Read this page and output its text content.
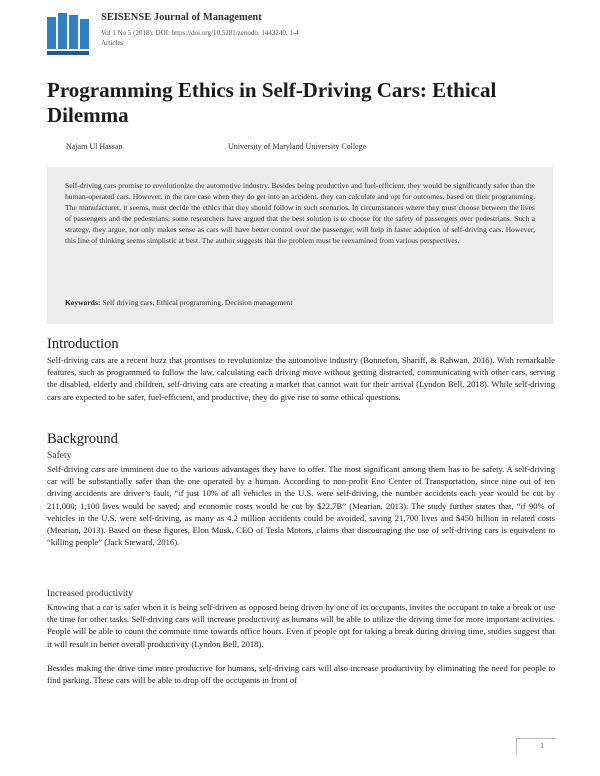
SEISENSE Journal of Management
Vol 1 No 5 (2018): DOI: https://doi.org/10.5281/zenodo. 1443240, 1-4
Articles
Programming Ethics in Self-Driving Cars: Ethical Dilemma
Najam Ul Hassan	University of Maryland University College

Self-driving cars promise to revolutionize the automotive industry. Besides being productive and fuel-efficient, they would be significantly safer than the human-operated cars. However, in the rare case when they do get into an accident, they can calculate and opt for outcomes, based on their programming. The manufacturer, it seems, must decide the ethics that they should follow in such scenarios. In circumstances where they must choose between the lives of passengers and the pedestrians, some researchers have argued that the best solution is to choose for the safety of passengers over pedestrians. Such a strategy, they argue, not only makes sense as cars will have better control over the passenger, will help in faster adoption of self-driving cars. However, this line of thinking seems simplistic at best. The author suggests that the problem must be reexamined from various perspectives.

Keywords: Self driving cars, Ethical programming, Decision management

Introduction

Self-driving cars are a recent buzz that promises to revolutionize the automotive industry (Bonnefon, Shariff, & Rahwan, 2016). With remarkable features, such as programmed to follow the law, calculating each driving move without getting distracted, communicating with other cars, serving the disabled, elderly and children, self-driving cars are creating a market that cannot wait for their arrival (Lyndon Bell, 2018). While self-driving cars are expected to be safer, fuel-efficient, and productive, they do give rise to some ethical questions.

Background
Safety

Self-driving cars are imminent due to the various advantages they have to offer. The most significant among them has to be safety. A self-driving car will be substantially safer than the one operated by a human. According to non-profit Eno Center of Transportation, since nine out of ten driving accidents are driver’s fault, “if just 10% of all vehicles in the U.S. were self-driving, the number accidents each year would be cut by 211,000; 1,100 lives would be saved; and economic costs would be cut by $22.7B” (Mearian, 2013). The study further states that, “if 90% of vehicles in the U.S. were self-driving, as many as 4.2 million accidents could be avoided, saving 21,700 lives and $450 billion in related costs (Mearian, 2013). Based on these figures, Elon Musk, CEO of Tesla Motors, claims that discouraging the use of self-driving cars is equivalent to “killing people” (Jack Steward, 2016).

Increased productivity

Knowing that a car is safer when it is being self-driven as opposed being driven by one of its occupants, invites the occupant to take a break or use the time for other tasks. Self-driving cars will increase productivity as humans will be able to utilize the driving time for more important activities. People will be able to count the commute time towards office hours. Even if people opt for taking a break during driving time, studies suggest that it will result in better overall productivity (Lyndon Bell, 2018).

Besides making the drive time more productive for humans, self-driving cars will also increase productivity by eliminating the need for people to find parking. These cars will be able to drop off the occupants in front of

1
